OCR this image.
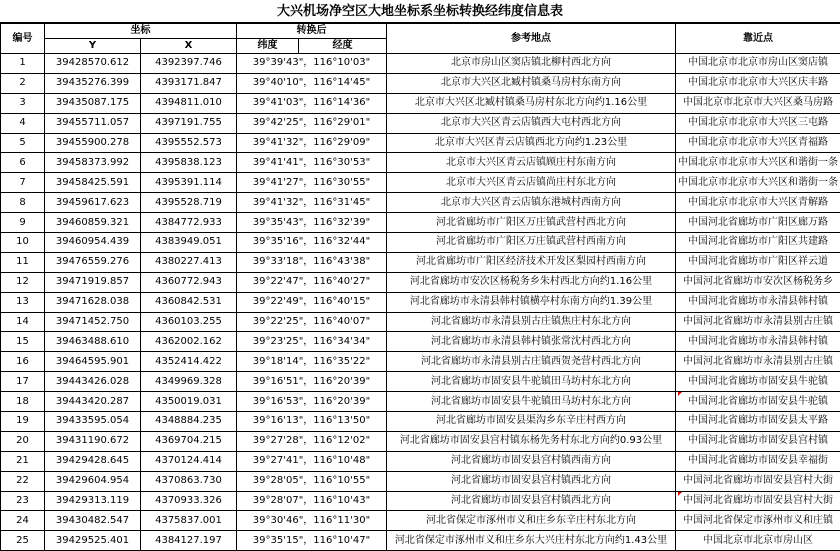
大兴机场净空区大地坐标系坐标转换经纬度信息表
编号	坐标		转换后		参考地点	靠近点
	Y	X	纬度	经度		
1	39428570.612	4392397.746	39°39'43"，116°10'03"		北京市房山区窦店镇北柳村西北方向	中国北京市北京市房山区窦店镇
2	39435276.399	4393171.847	39°40'10"，116°14'45"		北京市大兴区北臧村镇桑马房村东南方向	中国北京市北京市大兴区庆丰路
3	39435087.175	4394811.010	39°41'03"，116°14'36"		北京市大兴区北臧村镇桑马房村东北方向约1.16公里	中国北京市北京市大兴区桑马房路
4	39455711.057	4397191.755	39°42'25"，116°29'01"		北京市大兴区青云店镇西大屯村西北方向	中国北京市北京市大兴区三屯路
5	39455900.278	4395552.573	39°41'32"，116°29'09"		北京市大兴区青云店镇西北方向约1.23公里	中国北京市北京市大兴区青福路
6	39458373.992	4395838.123	39°41'41"，116°30'53"		北京市大兴区青云店镇顾庄村东南方向	中国北京市北京市大兴区和谐街一条
7	39458425.591	4395391.114	39°41'27"，116°30'55"		北京市大兴区青云店镇尚庄村东北方向	中国北京市北京市大兴区和谐街一条
8	39459617.623	4395528.719	39°41'32"，116°31'45"		北京市大兴区青云店镇东港城村西南方向	中国北京市北京市大兴区青解路
9	39460859.321	4384772.933	39°35'43"，116°32'39"		河北省廊坊市广阳区万庄镇武营村西北方向	中国河北省廊坊市广阳区廊万路
10	39460954.439	4383949.051	39°35'16"，116°32'44"		河北省廊坊市广阳区万庄镇武营村西南方向	中国河北省廊坊市广阳区共建路
11	39476559.276	4380227.413	39°33'18"，116°43'38"		河北省廊坊市广阳区经济技术开发区梨园村西南方向	中国河北省廊坊市广阳区祥云道
12	39471919.857	4360772.943	39°22'47"，116°40'27"		河北省廊坊市安次区杨税务乡朱村西北方向约1.16公里	中国河北省廊坊市安次区杨税务乡
13	39471628.038	4360842.531	39°22'49"，116°40'15"		河北省廊坊市永清县韩村镇横亭村东南方向约1.39公里	中国河北省廊坊市永清县韩村镇
14	39471452.750	4360103.255	39°22'25"，116°40'07"		河北省廊坊市永清县别古庄镇焦庄村东北方向	中国河北省廊坊市永清县别古庄镇
15	39463488.610	4362002.162	39°23'25"，116°34'34"		河北省廊坊市永清县韩村镇张常沈村西北方向	中国河北省廊坊市永清县韩村镇
16	39464595.901	4352414.422	39°18'14"，116°35'22"		河北省廊坊市永清县别古庄镇西贺尧营村西北方向	中国河北省廊坊市永清县别古庄镇
17	39443426.028	4349969.328	39°16'51"，116°20'39"		河北省廊坊市固安县牛驼镇田马坊村东北方向	中国河北省廊坊市固安县牛驼镇
18	39443420.287	4350019.031	39°16'53"，116°20'39"		河北省廊坊市固安县牛驼镇田马坊村东北方向	中国河北省廊坊市固安县牛驼镇
19	39433595.054	4348884.235	39°16'13"，116°13'50"		河北省廊坊市固安县渠沟乡东辛庄村西方向	中国河北省廊坊市固安县太平路
20	39431190.672	4369704.215	39°27'28"，116°12'02"		河北省廊坊市固安县宫村镇东杨先务村东北方向约0.93公里	中国河北省廊坊市固安县宫村镇
21	39429428.645	4370124.414	39°27'41"，116°10'48"		河北省廊坊市固安县宫村镇西南方向	中国河北省廊坊市固安县幸福街
22	39429604.954	4370863.730	39°28'05"，116°10'55"		河北省廊坊市固安县宫村镇西北方向	中国河北省廊坊市固安县宫村大街
23	39429313.119	4370933.326	39°28'07"，116°10'43"		河北省廊坊市固安县宫村镇西北方向	中国河北省廊坊市固安县宫村大街
24	39430482.547	4375837.001	39°30'46"，116°11'30"		河北省保定市涿州市义和庄乡东辛庄村东北方向	中国河北省保定市涿州市义和庄镇
25	39429525.401	4384127.197	39°35'15"，116°10'47"		河北省保定市涿州市义和庄乡东大兴庄村东北方向约1.43公里	中国北京市北京市房山区
